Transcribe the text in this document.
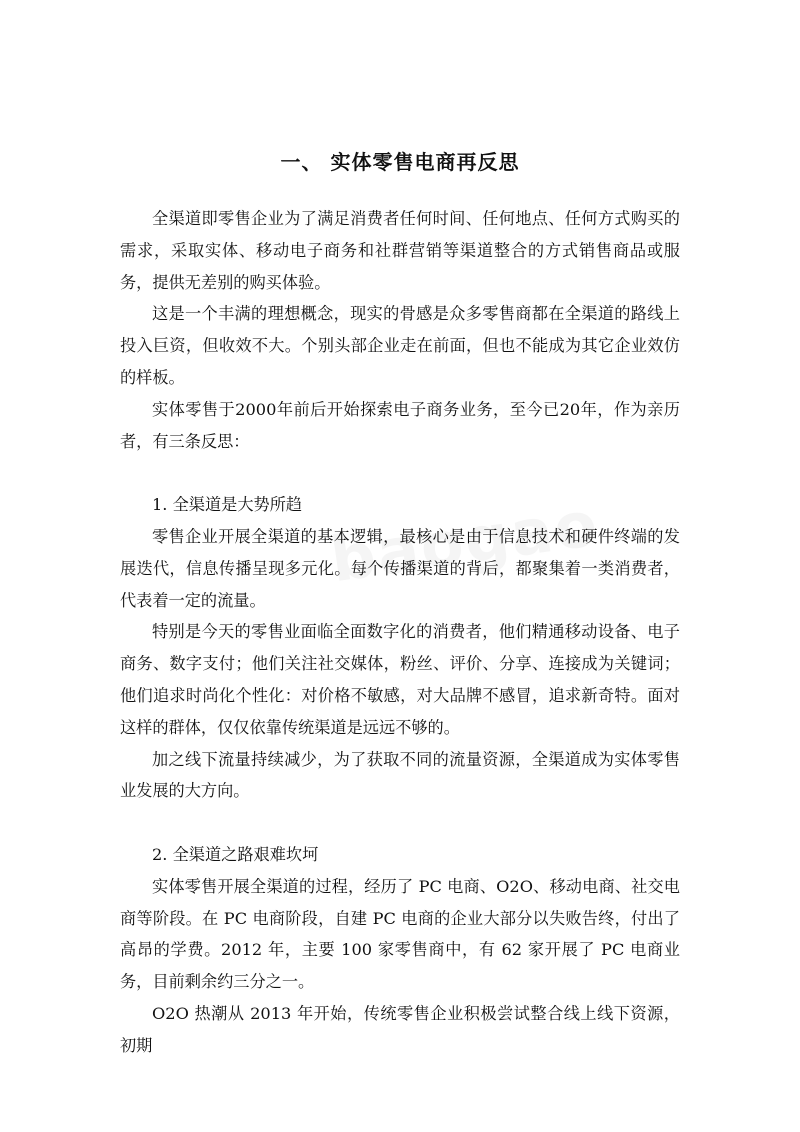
一、 实体零售电商再反思

全渠道即零售企业为了满足消费者任何时间、任何地点、任何方式购买的需求，采取实体、移动电子商务和社群营销等渠道整合的方式销售商品或服务，提供无差别的购买体验。

这是一个丰满的理想概念，现实的骨感是众多零售商都在全渠道的路线上投入巨资，但收效不大。个别头部企业走在前面，但也不能成为其它企业效仿的样板。

实体零售于2000年前后开始探索电子商务业务，至今已20年，作为亲历者，有三条反思：

1. 全渠道是大势所趋

零售企业开展全渠道的基本逻辑，最核心是由于信息技术和硬件终端的发展迭代，信息传播呈现多元化。每个传播渠道的背后，都聚集着一类消费者，代表着一定的流量。

特别是今天的零售业面临全面数字化的消费者，他们精通移动设备、电子商务、数字支付；他们关注社交媒体，粉丝、评价、分享、连接成为关键词；他们追求时尚化个性化：对价格不敏感，对大品牌不感冒，追求新奇特。面对这样的群体，仅仅依靠传统渠道是远远不够的。

加之线下流量持续减少，为了获取不同的流量资源，全渠道成为实体零售业发展的大方向。

2. 全渠道之路艰难坎坷

实体零售开展全渠道的过程，经历了 PC 电商、O2O、移动电商、社交电商等阶段。在 PC 电商阶段，自建 PC 电商的企业大部分以失败告终，付出了高昂的学费。2012 年，主要 100 家零售商中，有 62 家开展了 PC 电商业务，目前剩余约三分之一。

O2O 热潮从 2013 年开始，传统零售企业积极尝试整合线上线下资源，初期
